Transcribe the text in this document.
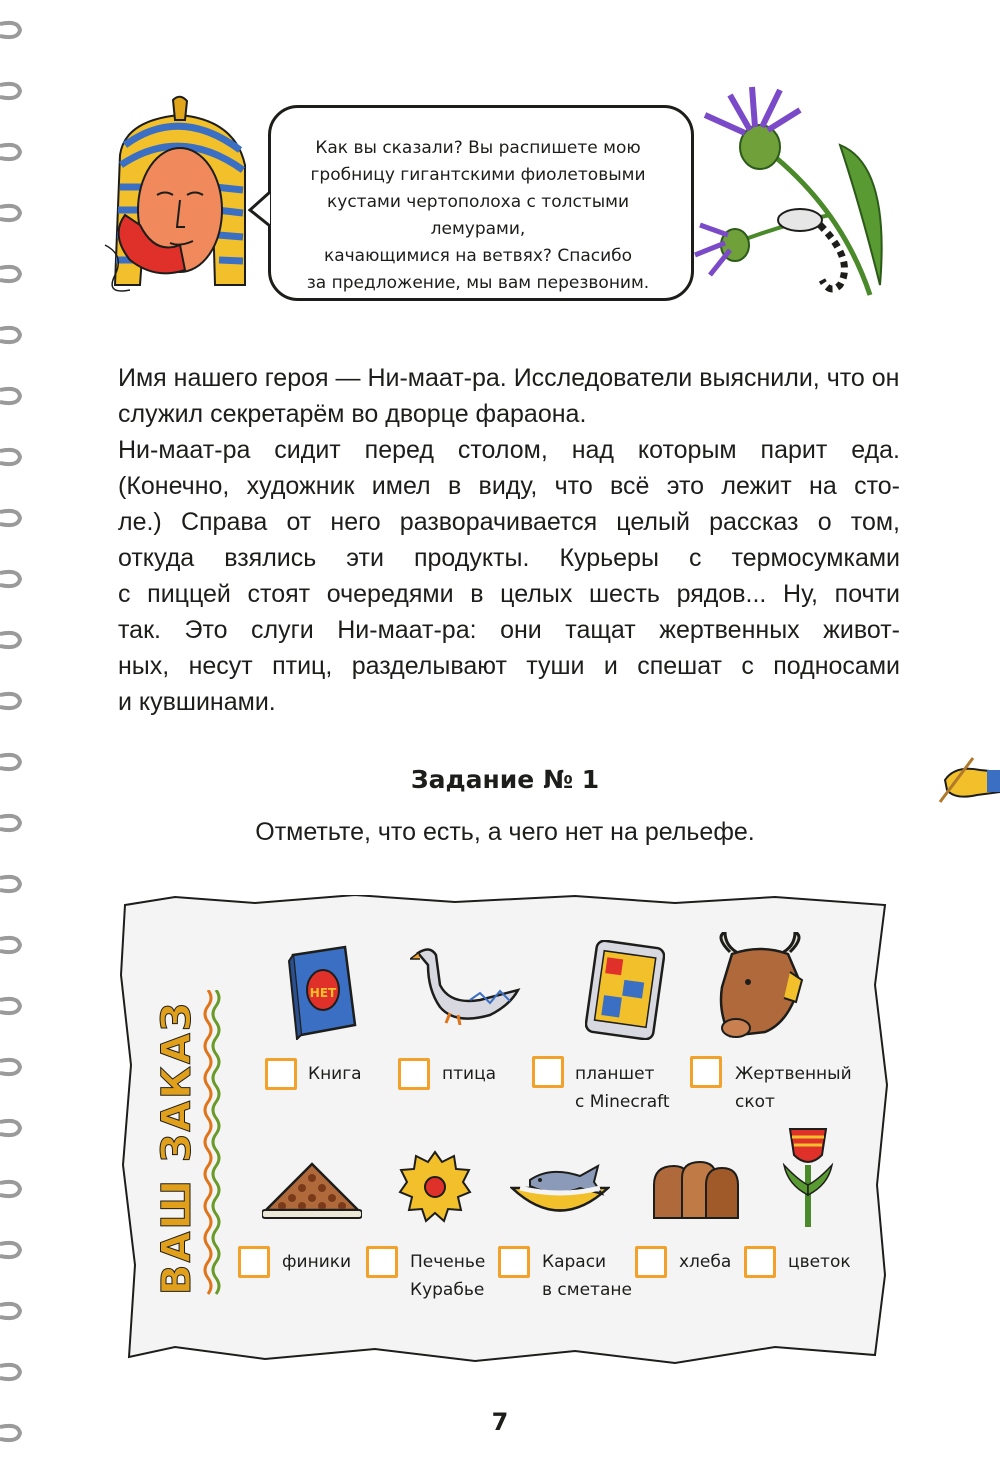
Как вы сказали? Вы распишете мою
гробницу гигантскими фиолетовыми
кустами чертополоха с толстыми лемурами,
качающимися на ветвях? Спасибо
за предложение, мы вам перезвоним.
Имя нашего героя — Ни-маат-ра. Исследователи выяснили, что он служил секретарём во дворце фараона.
Ни-маат-ра сидит перед столом, над которым парит еда.
(Конечно, художник имел в виду, что всё это лежит на сто-
ле.) Справа от него разворачивается целый рассказ о том,
откуда взялись эти продукты. Курьеры с термосумками
с пиццей стоят очередями в целых шесть рядов... Ну, почти
так. Это слуги Ни-маат-ра: они тащат жертвенных живот-
ных, несут птиц, разделывают туши и спешат с подносами
и кувшинами.
Задание № 1
Отметьте, что есть, а чего нет на рельефе.
ВАШ ЗАКАЗ
НЕТ
Книга	птица	планшет
с Minecraft
Жертвенный
скот
финики	Печенье
Курабье
Караси
в сметане
хлеба	цветок
7
